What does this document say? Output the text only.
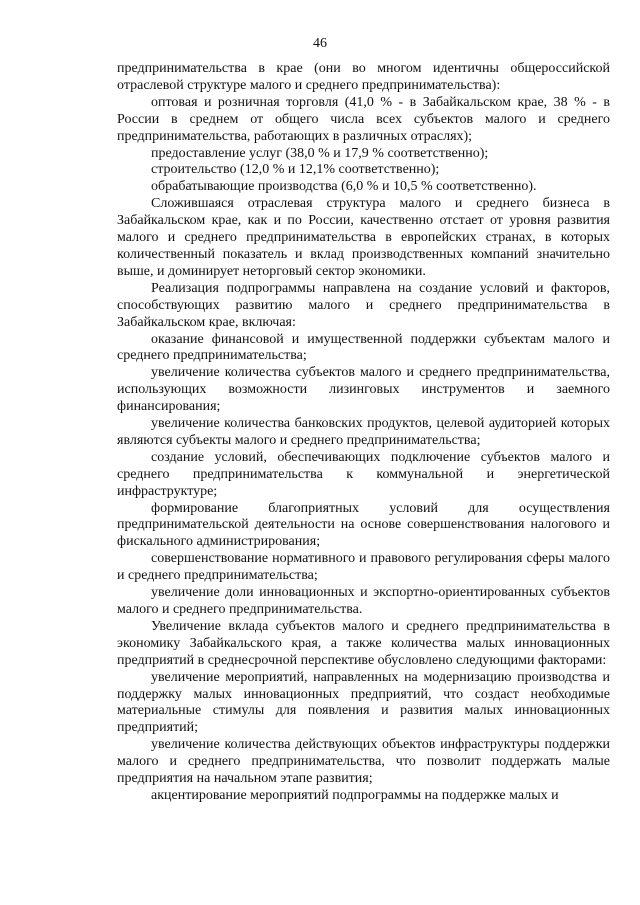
46

предпринимательства в крае (они во многом идентичны общероссийской отраслевой структуре малого и среднего предпринимательства):

оптовая и розничная торговля (41,0 % - в Забайкальском крае, 38 % - в России в среднем от общего числа всех субъектов малого и среднего предпринимательства, работающих в различных отраслях);

предоставление услуг (38,0 % и 17,9 % соответственно);

строительство (12,0 % и 12,1% соответственно);

обрабатывающие производства (6,0 % и 10,5 % соответственно).

Сложившаяся отраслевая структура малого и среднего бизнеса в Забайкальском крае, как и по России, качественно отстает от уровня развития малого и среднего предпринимательства в европейских странах, в которых количественный показатель и вклад производственных компаний значительно выше, и доминирует неторговый сектор экономики.

Реализация подпрограммы направлена на создание условий и факторов, способствующих развитию малого и среднего предпринимательства в Забайкальском крае, включая:

оказание финансовой и имущественной поддержки субъектам малого и среднего предпринимательства;

увеличение количества субъектов малого и среднего предпринимательства, использующих возможности лизинговых инструментов и заемного финансирования;

увеличение количества банковских продуктов, целевой аудиторией которых являются субъекты малого и среднего предпринимательства;

создание условий, обеспечивающих подключение субъектов малого и среднего предпринимательства к коммунальной и энергетической инфраструктуре;

формирование благоприятных условий для осуществления предпринимательской деятельности на основе совершенствования налогового и фискального администрирования;

совершенствование нормативного и правового регулирования сферы малого и среднего предпринимательства;

увеличение доли инновационных и экспортно-ориентированных субъектов малого и среднего предпринимательства.

Увеличение вклада субъектов малого и среднего предпринимательства в экономику Забайкальского края, а также количества малых инновационных предприятий в среднесрочной перспективе обусловлено следующими факторами:

увеличение мероприятий, направленных на модернизацию производства и поддержку малых инновационных предприятий, что создаст необходимые материальные стимулы для появления и развития малых инновационных предприятий;

увеличение количества действующих объектов инфраструктуры поддержки малого и среднего предпринимательства, что позволит поддержать малые предприятия на начальном этапе развития;

акцентирование мероприятий подпрограммы на поддержке малых и
